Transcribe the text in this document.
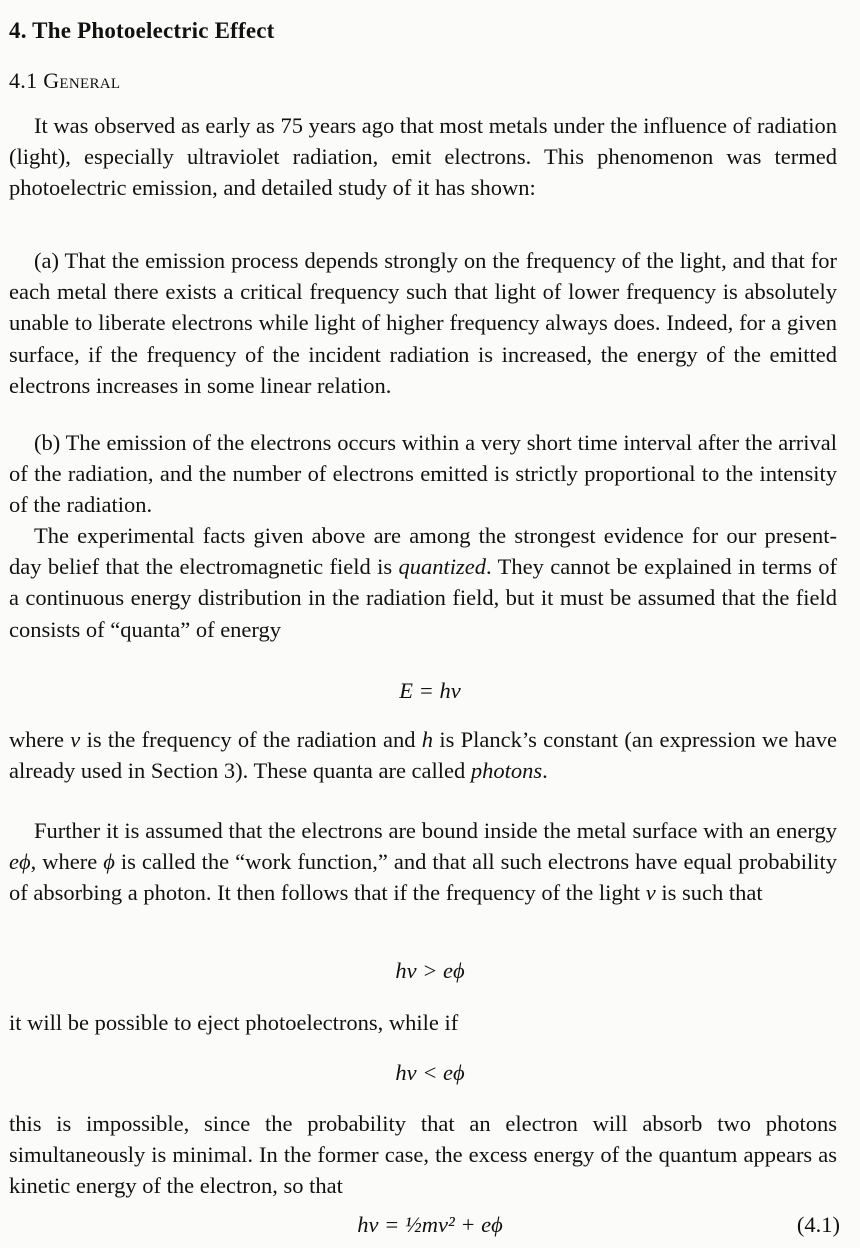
4. The Photoelectric Effect
4.1 General

It was observed as early as 75 years ago that most metals under the influence of radiation (light), especially ultraviolet radiation, emit electrons. This phenomenon was termed photoelectric emission, and detailed study of it has shown:

(a) That the emission process depends strongly on the frequency of the light, and that for each metal there exists a critical frequency such that light of lower frequency is absolutely unable to liberate electrons while light of higher frequency always does. Indeed, for a given surface, if the frequency of the incident radiation is increased, the energy of the emitted electrons increases in some linear relation.

(b) The emission of the electrons occurs within a very short time interval after the arrival of the radiation, and the number of electrons emitted is strictly proportional to the intensity of the radiation.

The experimental facts given above are among the strongest evidence for our present-day belief that the electromagnetic field is quantized. They cannot be explained in terms of a continuous energy distribution in the radiation field, but it must be assumed that the field consists of “quanta” of energy

E = hν

where ν is the frequency of the radiation and h is Planck’s constant (an expression we have already used in Section 3). These quanta are called photons.

Further it is assumed that the electrons are bound inside the metal surface with an energy eϕ, where ϕ is called the “work function,” and that all such electrons have equal probability of absorbing a photon. It then follows that if the frequency of the light ν is such that

hν > eϕ

it will be possible to eject photoelectrons, while if

hν < eϕ

this is impossible, since the probability that an electron will absorb two photons simultaneously is minimal. In the former case, the excess energy of the quantum appears as kinetic energy of the electron, so that

hν = ½mv² + eϕ	(4.1)
